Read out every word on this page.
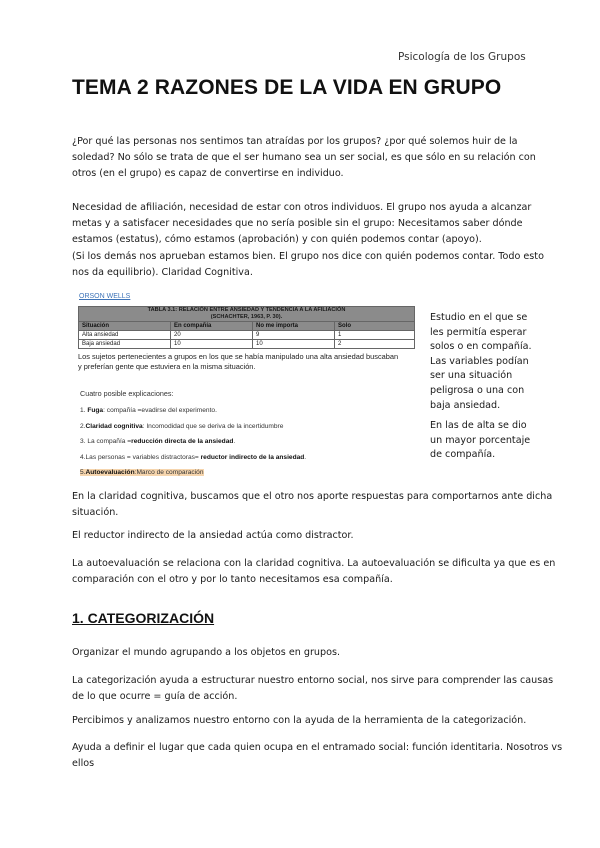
Psicología de los Grupos
TEMA 2 RAZONES DE LA VIDA EN GRUPO

¿Por qué las personas nos sentimos tan atraídas por los grupos? ¿por qué solemos huir de la
soledad? No sólo se trata de que el ser humano sea un ser social, es que sólo en su relación con
otros (en el grupo) es capaz de convertirse en individuo.

Necesidad de afiliación, necesidad de estar con otros individuos. El grupo nos ayuda a alcanzar
metas y a satisfacer necesidades que no sería posible sin el grupo: Necesitamos saber dónde
estamos (estatus), cómo estamos (aprobación) y con quién podemos contar (apoyo).
(Si los demás nos aprueban estamos bien. El grupo nos dice con quién podemos contar. Todo esto
nos da equilibrio). Claridad Cognitiva.

ORSON WELLS
TABLA 3.1: RELACIÓN ENTRE ANSIEDAD Y TENDENCIA A LA AFILIACIÓN
(SCHACHTER, 1963, P. 30).			

Situación	En compañía	No me importa	Solo
Alta ansiedad	20	9	1
Baja ansiedad	10	10	2
Los sujetos pertenecientes a grupos en los que se había manipulado una alta ansiedad buscaban
y preferían gente que estuviera en la misma situación.
Cuatro posible explicaciones:
1. Fuga: compañía =evadirse del experimento.
2.Claridad cognitiva: Incomodidad que se deriva de la incertidumbre
3. La compañía =reducción directa de la ansiedad.
4.Las personas = variables distractoras= reductor indirecto de la ansiedad.
5.Autoevaluación:Marco de comparación
Estudio en el que se
les permitía esperar
solos o en compañía.
Las variables podían
ser una situación
peligrosa o una con
baja ansiedad.
En las de alta se dio
un mayor porcentaje
de compañía.

En la claridad cognitiva, buscamos que el otro nos aporte respuestas para comportarnos ante dicha
situación.

El reductor indirecto de la ansiedad actúa como distractor.

La autoevaluación se relaciona con la claridad cognitiva. La autoevaluación se dificulta ya que es en
comparación con el otro y por lo tanto necesitamos esa compañía.

1. CATEGORIZACIÓN

Organizar el mundo agrupando a los objetos en grupos.

La categorización ayuda a estructurar nuestro entorno social, nos sirve para comprender las causas
de lo que ocurre = guía de acción.

Percibimos y analizamos nuestro entorno con la ayuda de la herramienta de la categorización.

Ayuda a definir el lugar que cada quien ocupa en el entramado social: función identitaria. Nosotros vs
ellos
